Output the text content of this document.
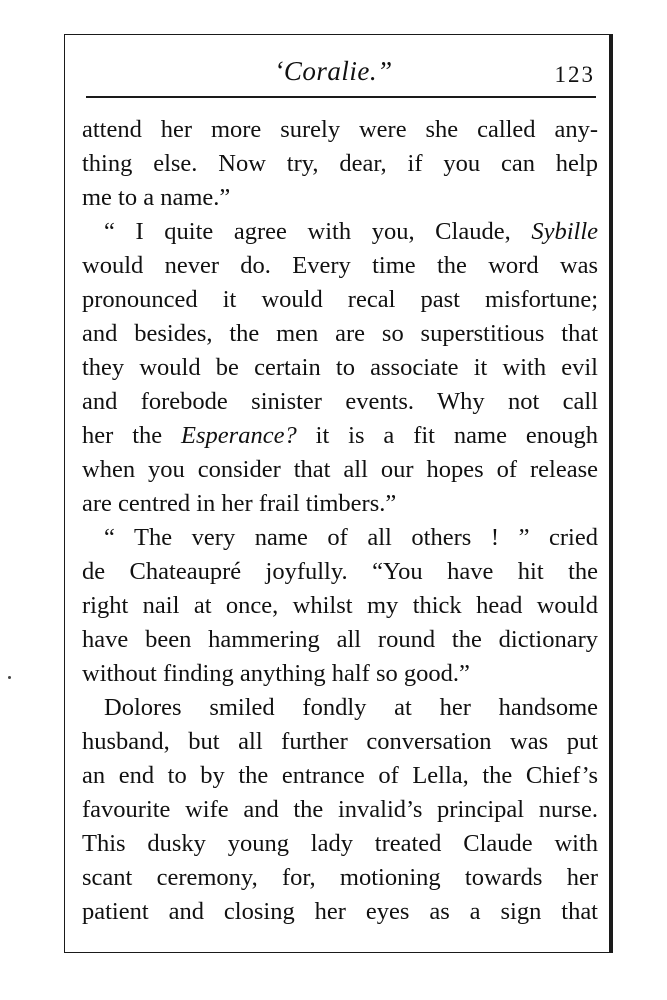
‘Coralie.”	123
attend her more surely were she called any-
thing else. Now try, dear, if you can help
me to a name.”
“ I quite agree with you, Claude, Sybille
would never do. Every time the word was
pronounced it would recal past misfortune;
and besides, the men are so superstitious that
they would be certain to associate it with evil
and forebode sinister events. Why not call
her the Esperance? it is a fit name enough
when you consider that all our hopes of release
are centred in her frail timbers.”
“ The very name of all others ! ” cried
de Chateaupré joyfully. “You have hit the
right nail at once, whilst my thick head would
have been hammering all round the dictionary
without finding anything half so good.”
Dolores smiled fondly at her handsome
husband, but all further conversation was put
an end to by the entrance of Lella, the Chief’s
favourite wife and the invalid’s principal nurse.
This dusky young lady treated Claude with
scant ceremony, for, motioning towards her
patient and closing her eyes as a sign that
